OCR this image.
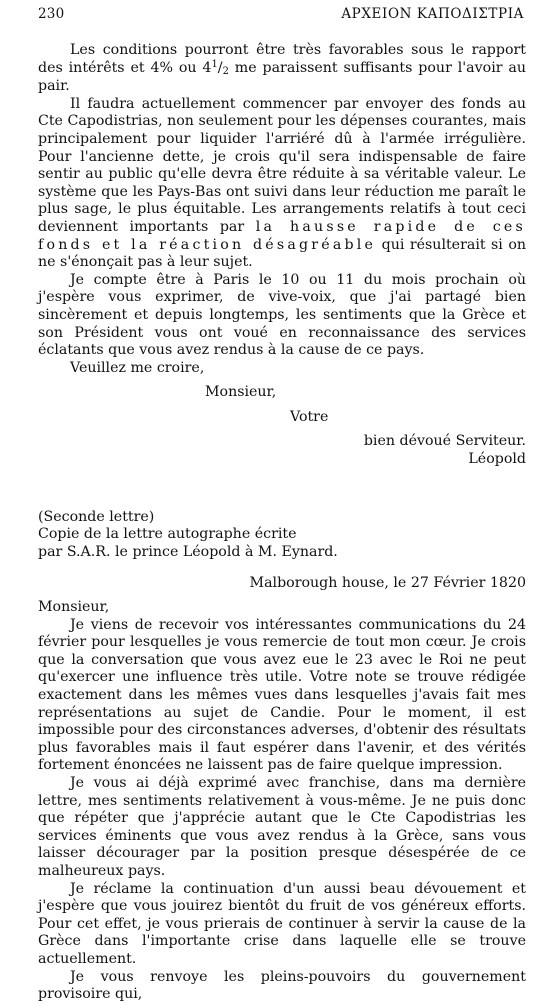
230	ΑΡΧΕΙΟΝ ΚΑΠΟΔΙΣΤΡΙΑ

Les conditions pourront être très favorables sous le rapport des intérêts et 4% ou $4^1/_2$ me paraissent suffisants pour l'avoir au pair.

Il faudra actuellement commencer par envoyer des fonds au Cte Capodistrias, non seulement pour les dépenses courantes, mais principalement pour liquider l'arriéré dû à l'armée irrégulière. Pour l'ancienne dette, je crois qu'il sera indispensable de faire sentir au public qu'elle devra être réduite à sa véritable valeur. Le système que les Pays-Bas ont suivi dans leur réduction me paraît le plus sage, le plus équitable. Les arrangements relatifs à tout ceci deviennent importants par la hausse rapide de ces fonds et la réaction désagréable qui résulterait si on ne s'énonçait pas à leur sujet.

Je compte être à Paris le 10 ou 11 du mois prochain où j'espère vous exprimer, de vive-voix, que j'ai partagé bien sincèrement et depuis longtemps, les sentiments que la Grèce et son Président vous ont voué en reconnaissance des services éclatants que vous avez rendus à la cause de ce pays.

Veuillez me croire,

Monsieur,

Votre

bien dévoué Serviteur.

Léopold

(Seconde lettre)

Copie de la lettre autographe écrite

par S.A.R. le prince Léopold à M. Eynard.

Malborough house, le 27 Février 1820

Monsieur,

Je viens de recevoir vos intéressantes communications du 24 février pour lesquelles je vous remercie de tout mon cœur. Je crois que la conversation que vous avez eue le 23 avec le Roi ne peut qu'exercer une influence très utile. Votre note se trouve rédigée exactement dans les mêmes vues dans lesquelles j'avais fait mes représentations au sujet de Candie. Pour le moment, il est impossible pour des circonstances adverses, d'obtenir des résultats plus favorables mais il faut espérer dans l'avenir, et des vérités fortement énoncées ne laissent pas de faire quelque impression.

Je vous ai déjà exprimé avec franchise, dans ma dernière lettre, mes sentiments relativement à vous-même. Je ne puis donc que répéter que j'apprécie autant que le Cte Capodistrias les services éminents que vous avez rendus à la Grèce, sans vous laisser décourager par la position presque désespérée de ce malheureux pays.

Je réclame la continuation d'un aussi beau dévouement et j'espère que vous jouirez bientôt du fruit de vos généreux efforts. Pour cet effet, je vous prierais de continuer à servir la cause de la Grèce dans l'importante crise dans laquelle elle se trouve actuellement.

Je vous renvoye les pleins-pouvoirs du gouvernement provisoire qui,
